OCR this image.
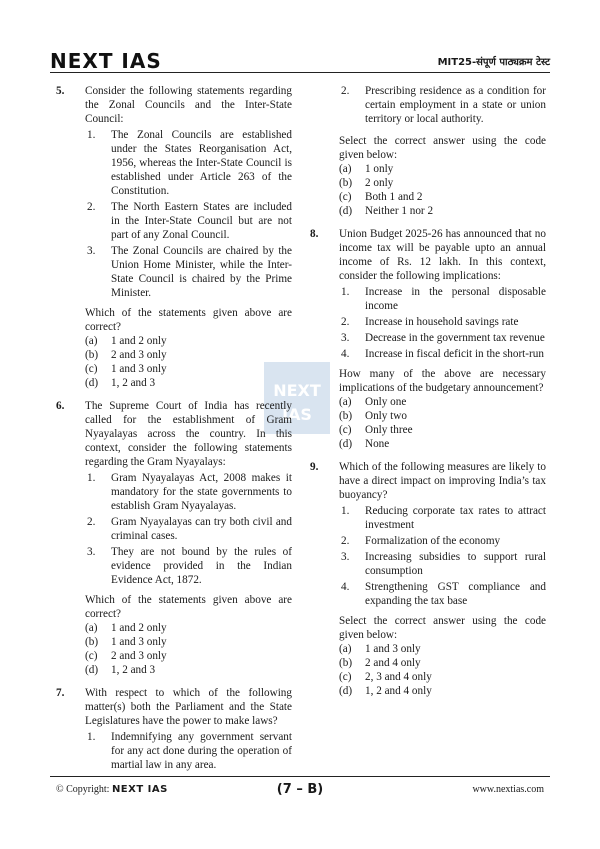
NEXT IAS	MIT25-संपूर्ण पाठ्यक्रम टेस्ट
NEXT
IAS
5. Consider the following statements regarding the Zonal Councils and the Inter-State Council:
1. The Zonal Councils are established under the States Reorganisation Act, 1956, whereas the Inter-State Council is established under Article 263 of the Constitution.
2. The North Eastern States are included in the Inter-State Council but are not part of any Zonal Council.
3. The Zonal Councils are chaired by the Union Home Minister, while the Inter-State Council is chaired by the Prime Minister.
Which of the statements given above are correct?
(a) 1 and 2 only
(b) 2 and 3 only
(c) 1 and 3 only
(d) 1, 2 and 3
6. The Supreme Court of India has recently called for the establishment of Gram Nyayalayas across the country. In this context, consider the following statements regarding the Gram Nyayalays:
1. Gram Nyayalayas Act, 2008 makes it mandatory for the state governments to establish Gram Nyayalayas.
2. Gram Nyayalayas can try both civil and criminal cases.
3. They are not bound by the rules of evidence provided in the Indian Evidence Act, 1872.
Which of the statements given above are correct?
(a) 1 and 2 only
(b) 1 and 3 only
(c) 2 and 3 only
(d) 1, 2 and 3
7. With respect to which of the following matter(s) both the Parliament and the State Legislatures have the power to make laws?
1. Indemnifying any government servant for any act done during the operation of martial law in any area.
2. Prescribing residence as a condition for certain employment in a state or union territory or local authority.
Select the correct answer using the code given below:
(a) 1 only
(b) 2 only
(c) Both 1 and 2
(d) Neither 1 nor 2
8. Union Budget 2025-26 has announced that no income tax will be payable upto an annual income of Rs. 12 lakh. In this context, consider the following implications:
1. Increase in the personal disposable income
2. Increase in household savings rate
3. Decrease in the government tax revenue
4. Increase in fiscal deficit in the short-run
How many of the above are necessary implications of the budgetary announcement?
(a) Only one
(b) Only two
(c) Only three
(d) None
9. Which of the following measures are likely to have a direct impact on improving India’s tax buoyancy?
1. Reducing corporate tax rates to attract investment
2. Formalization of the economy
3. Increasing subsidies to support rural consumption
4. Strengthening GST compliance and expanding the tax base
Select the correct answer using the code given below:
(a) 1 and 3 only
(b) 2 and 4 only
(c) 2, 3 and 4 only
(d) 1, 2 and 4 only
© Copyright: NEXT IAS	(7 – B)	www.nextias.com
